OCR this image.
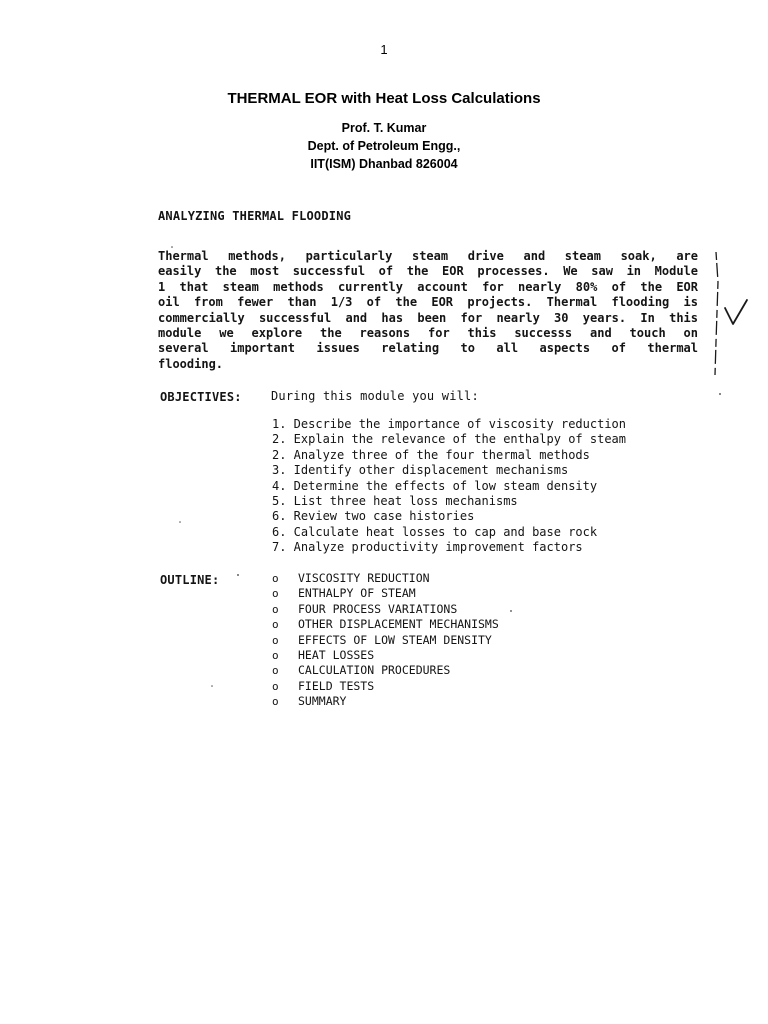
1
THERMAL EOR with Heat Loss Calculations
Prof. T. Kumar
Dept. of Petroleum Engg.,
IIT(ISM) Dhanbad 826004
ANALYZING THERMAL FLOODING
Thermal methods, particularly steam drive and steam soak, are
easily the most successful of the EOR processes. We saw in Module
1 that steam methods currently account for nearly 80% of the EOR
oil from fewer than 1/3 of the EOR projects. Thermal flooding is
commercially successful and has been for nearly 30 years. In this
module we explore the reasons for this successs and touch on
several important issues relating to all aspects of thermal
flooding.
OBJECTIVES: During this module you will:
1. Describe the importance of viscosity reduction
2. Explain the relevance of the enthalpy of steam
2. Analyze three of the four thermal methods
3. Identify other displacement mechanisms
4. Determine the effects of low steam density
5. List three heat loss mechanisms
6. Review two case histories
6. Calculate heat losses to cap and base rock
7. Analyze productivity improvement factors
OUTLINE:	o	VISCOSITY REDUCTION
o	ENTHALPY OF STEAM
o	FOUR PROCESS VARIATIONS
o	OTHER DISPLACEMENT MECHANISMS
o	EFFECTS OF LOW STEAM DENSITY
o	HEAT LOSSES
o	CALCULATION PROCEDURES
o	FIELD TESTS
o	SUMMARY
